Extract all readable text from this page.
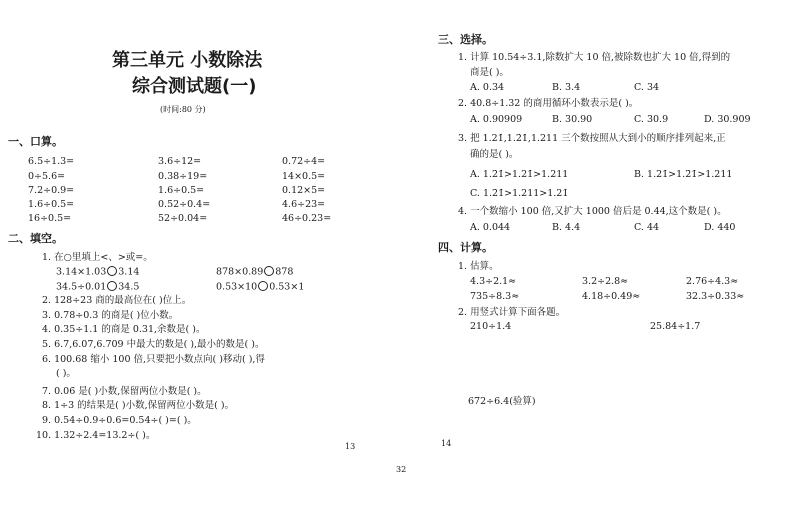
第三单元 小数除法
综合测试题(一)
(时间:80 分)
一、口算。
6.5÷1.3=	3.6÷12=	0.72÷4=
0÷5.6=	0.38÷19=	14×0.5=
7.2÷0.9=	1.6÷0.5=	0.12×5=
1.6÷0.5=	0.52÷0.4=	4.6÷23=
16÷0.5=	52÷0.04=	46÷0.23=
二、填空。
1. 在○里填上<、>或=。
3.14×1.03 3.14	878×0.89 878
34.5÷0.01 34.5	0.53×10 0.53×1
2. 128÷23 商的最高位在( )位上。
3. 0.78÷0.3 的商是( )位小数。
4. 0.35÷1.1 的商是 0.31,余数是( )。
5. 6.7,6.07,6.709 中最大的数是( ),最小的数是( )。
6. 100.68 缩小 100 倍,只要把小数点向( )移动( ),得
( )。
7. 0.06̇ 是( )小数,保留两位小数是( )。
8. 1÷3 的结果是( )小数,保留两位小数是( )。
9. 0.54÷0.9÷0.6=0.54÷( )=( )。
10. 1.32÷2.4=13.2÷( )。
13
三、选择。
1. 计算 10.54÷3.1,除数扩大 10 倍,被除数也扩大 10 倍,得到的
商是( )。
A. 0.34	B. 3.4	C. 34
2. 40.8÷1.32 的商用循环小数表示是( )。
A. 0.90909	B. 30.90	C. 30.9	D. 30.909
3. 把 1.21̇,1.2̇1̇,1.211 三个数按照从大到小的顺序排列起来,正
确的是( )。
A. 1.2̇1̇>1.21̇>1.211	B. 1.21̇>1.2̇1̇>1.211
C. 1.2̇1̇>1.211>1.21̇
4. 一个数缩小 100 倍,又扩大 1000 倍后是 0.44,这个数是( )。
A. 0.044	B. 4.4	C. 44	D. 440
四、计算。
1. 估算。
4.3÷2.1≈	3.2÷2.8≈	2.76÷4.3≈
735÷8.3≈	4.18÷0.49≈	32.3÷0.33≈
2. 用竖式计算下面各题。
210÷1.4	25.84÷1.7
672÷6.4(验算)
14
32
